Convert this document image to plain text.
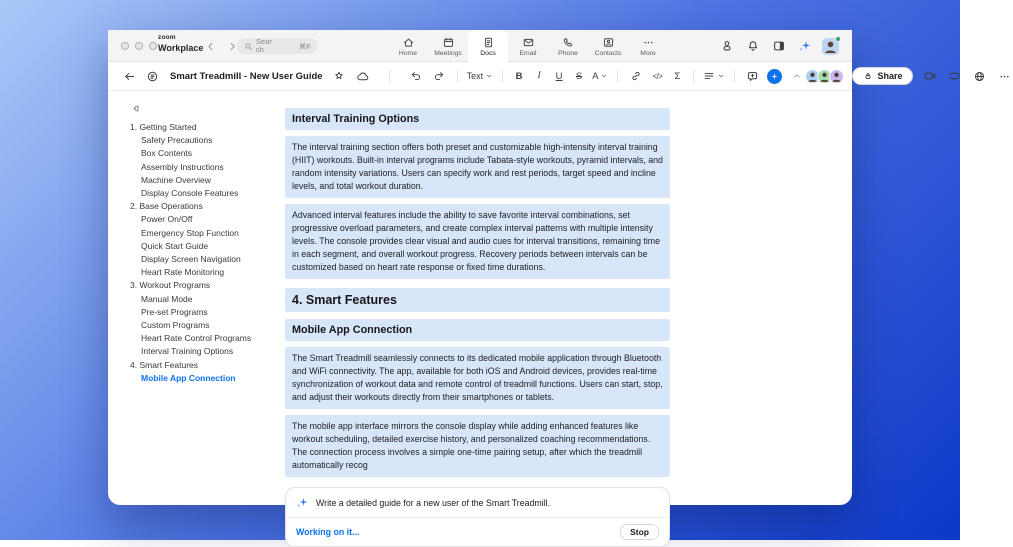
zoom
Workplace
Search	⌘F
Home	Meetings	Docs	Email	Phone Contacts	More
Smart Treadmill - New User Guide	Text	B	I	U	S	A	</>	Σ	Share
1. Getting Started
Safety Precautions
Box Contents
Assembly Instructions
Machine Overview
Display Console Features
2. Base Operations
Power On/Off
Emergency Stop Function
Quick Start Guide
Display Screen Navigation
Heart Rate Monitoring
3. Workout Programs
Manual Mode
Pre-set Programs
Custom Programs
Heart Rate Control Programs
Interval Training Options
4. Smart Features
Mobile App Connection
Interval Training Options
The interval training section offers both preset and customizable high-intensity interval training (HIIT) workouts. Built-in interval programs include Tabata-style workouts, pyramid intervals, and random intensity variations. Users can specify work and rest periods, target speed and incline levels, and total workout duration.
Advanced interval features include the ability to save favorite interval combinations, set progressive overload parameters, and create complex interval patterns with multiple intensity levels. The console provides clear visual and audio cues for interval transitions, remaining time in each segment, and overall workout progress. Recovery periods between intervals can be customized based on heart rate response or fixed time durations.
4. Smart Features
Mobile App Connection
The Smart Treadmill seamlessly connects to its dedicated mobile application through Bluetooth and WiFi connectivity. The app, available for both iOS and Android devices, provides real-time synchronization of workout data and remote control of treadmill functions. Users can start, stop, and adjust their workouts directly from their smartphones or tablets.
The mobile app interface mirrors the console display while adding enhanced features like workout scheduling, detailed exercise history, and personalized coaching recommendations. The connection process involves a simple one-time pairing setup, after which the treadmill automatically recog
Write a detailed guide for a new user of the Smart Treadmill.
Working on it...	Stop
